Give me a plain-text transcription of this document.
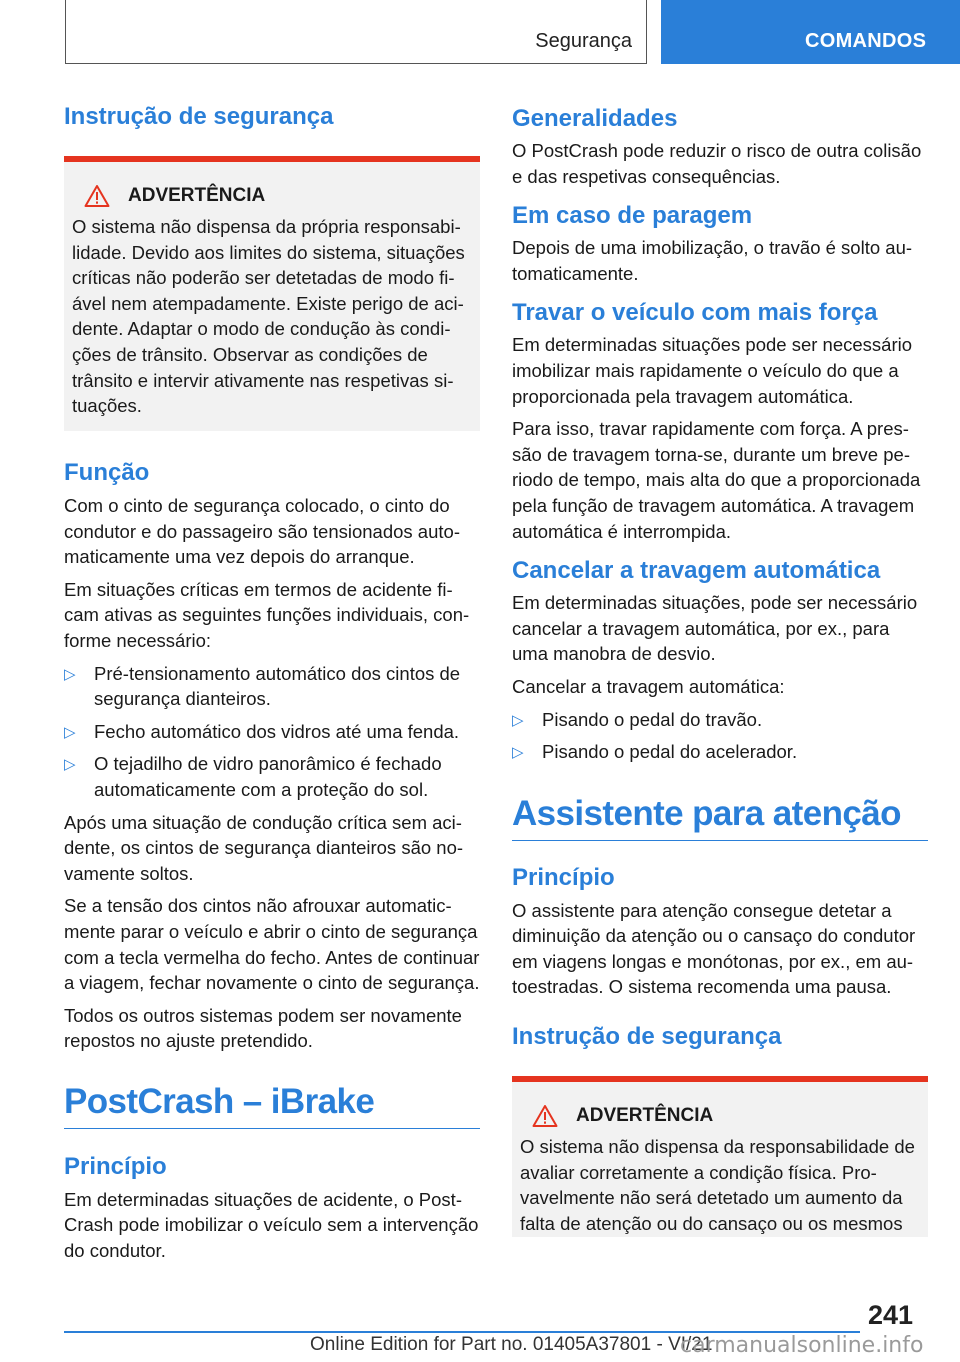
Segurança	COMANDOS
Instrução de segurança
ADVERTÊNCIA

O sistema não dispensa da própria responsabilidade. Devido aos limites do sistema, situações críticas não poderão ser detetadas de modo fiável nem atempadamente. Existe perigo de acidente. Adaptar o modo de condução às condições de trânsito. Observar as condições de trânsito e intervir ativamente nas respetivas situações.

Função

Com o cinto de segurança colocado, o cinto do condutor e do passageiro são tensionados automaticamente uma vez depois do arranque.

Em situações críticas em termos de acidente ficam ativas as seguintes funções individuais, conforme necessário:

▷ Pré-tensionamento automático dos cintos de segurança dianteiros.
▷ Fecho automático dos vidros até uma fenda.
▷ O tejadilho de vidro panorâmico é fechado automaticamente com a proteção do sol.

Após uma situação de condução crítica sem acidente, os cintos de segurança dianteiros são novamente soltos.

Se a tensão dos cintos não afrouxar automaticmente parar o veículo e abrir o cinto de segurança com a tecla vermelha do fecho. Antes de continuar a viagem, fechar novamente o cinto de segurança.

Todos os outros sistemas podem ser novamente repostos no ajuste pretendido.

PostCrash – iBrake
Princípio

Em determinadas situações de acidente, o PostCrash pode imobilizar o veículo sem a intervenção do condutor.

Generalidades

O PostCrash pode reduzir o risco de outra colisão e das respetivas consequências.

Em caso de paragem

Depois de uma imobilização, o travão é solto automaticamente.

Travar o veículo com mais força

Em determinadas situações pode ser necessário imobilizar mais rapidamente o veículo do que a proporcionada pela travagem automática.

Para isso, travar rapidamente com força. A pressão de travagem torna-se, durante um breve periodo de tempo, mais alta do que a proporcionada pela função de travagem automática. A travagem automática é interrompida.

Cancelar a travagem automática

Em determinadas situações, pode ser necessário cancelar a travagem automática, por ex., para uma manobra de desvio.

Cancelar a travagem automática:

▷ Pisando o pedal do travão.
▷ Pisando o pedal do acelerador.
Assistente para atenção
Princípio

O assistente para atenção consegue detetar a diminuição da atenção ou o cansaço do condutor em viagens longas e monótonas, por ex., em autoestradas. O sistema recomenda uma pausa.

Instrução de segurança
ADVERTÊNCIA

O sistema não dispensa da responsabilidade de avaliar corretamente a condição física. Provavelmente não será detetado um aumento da falta de atenção ou do cansaço ou os mesmos

241
Online Edition for Part no. 01405A37801 - VI/21
carmanualsonline.info
